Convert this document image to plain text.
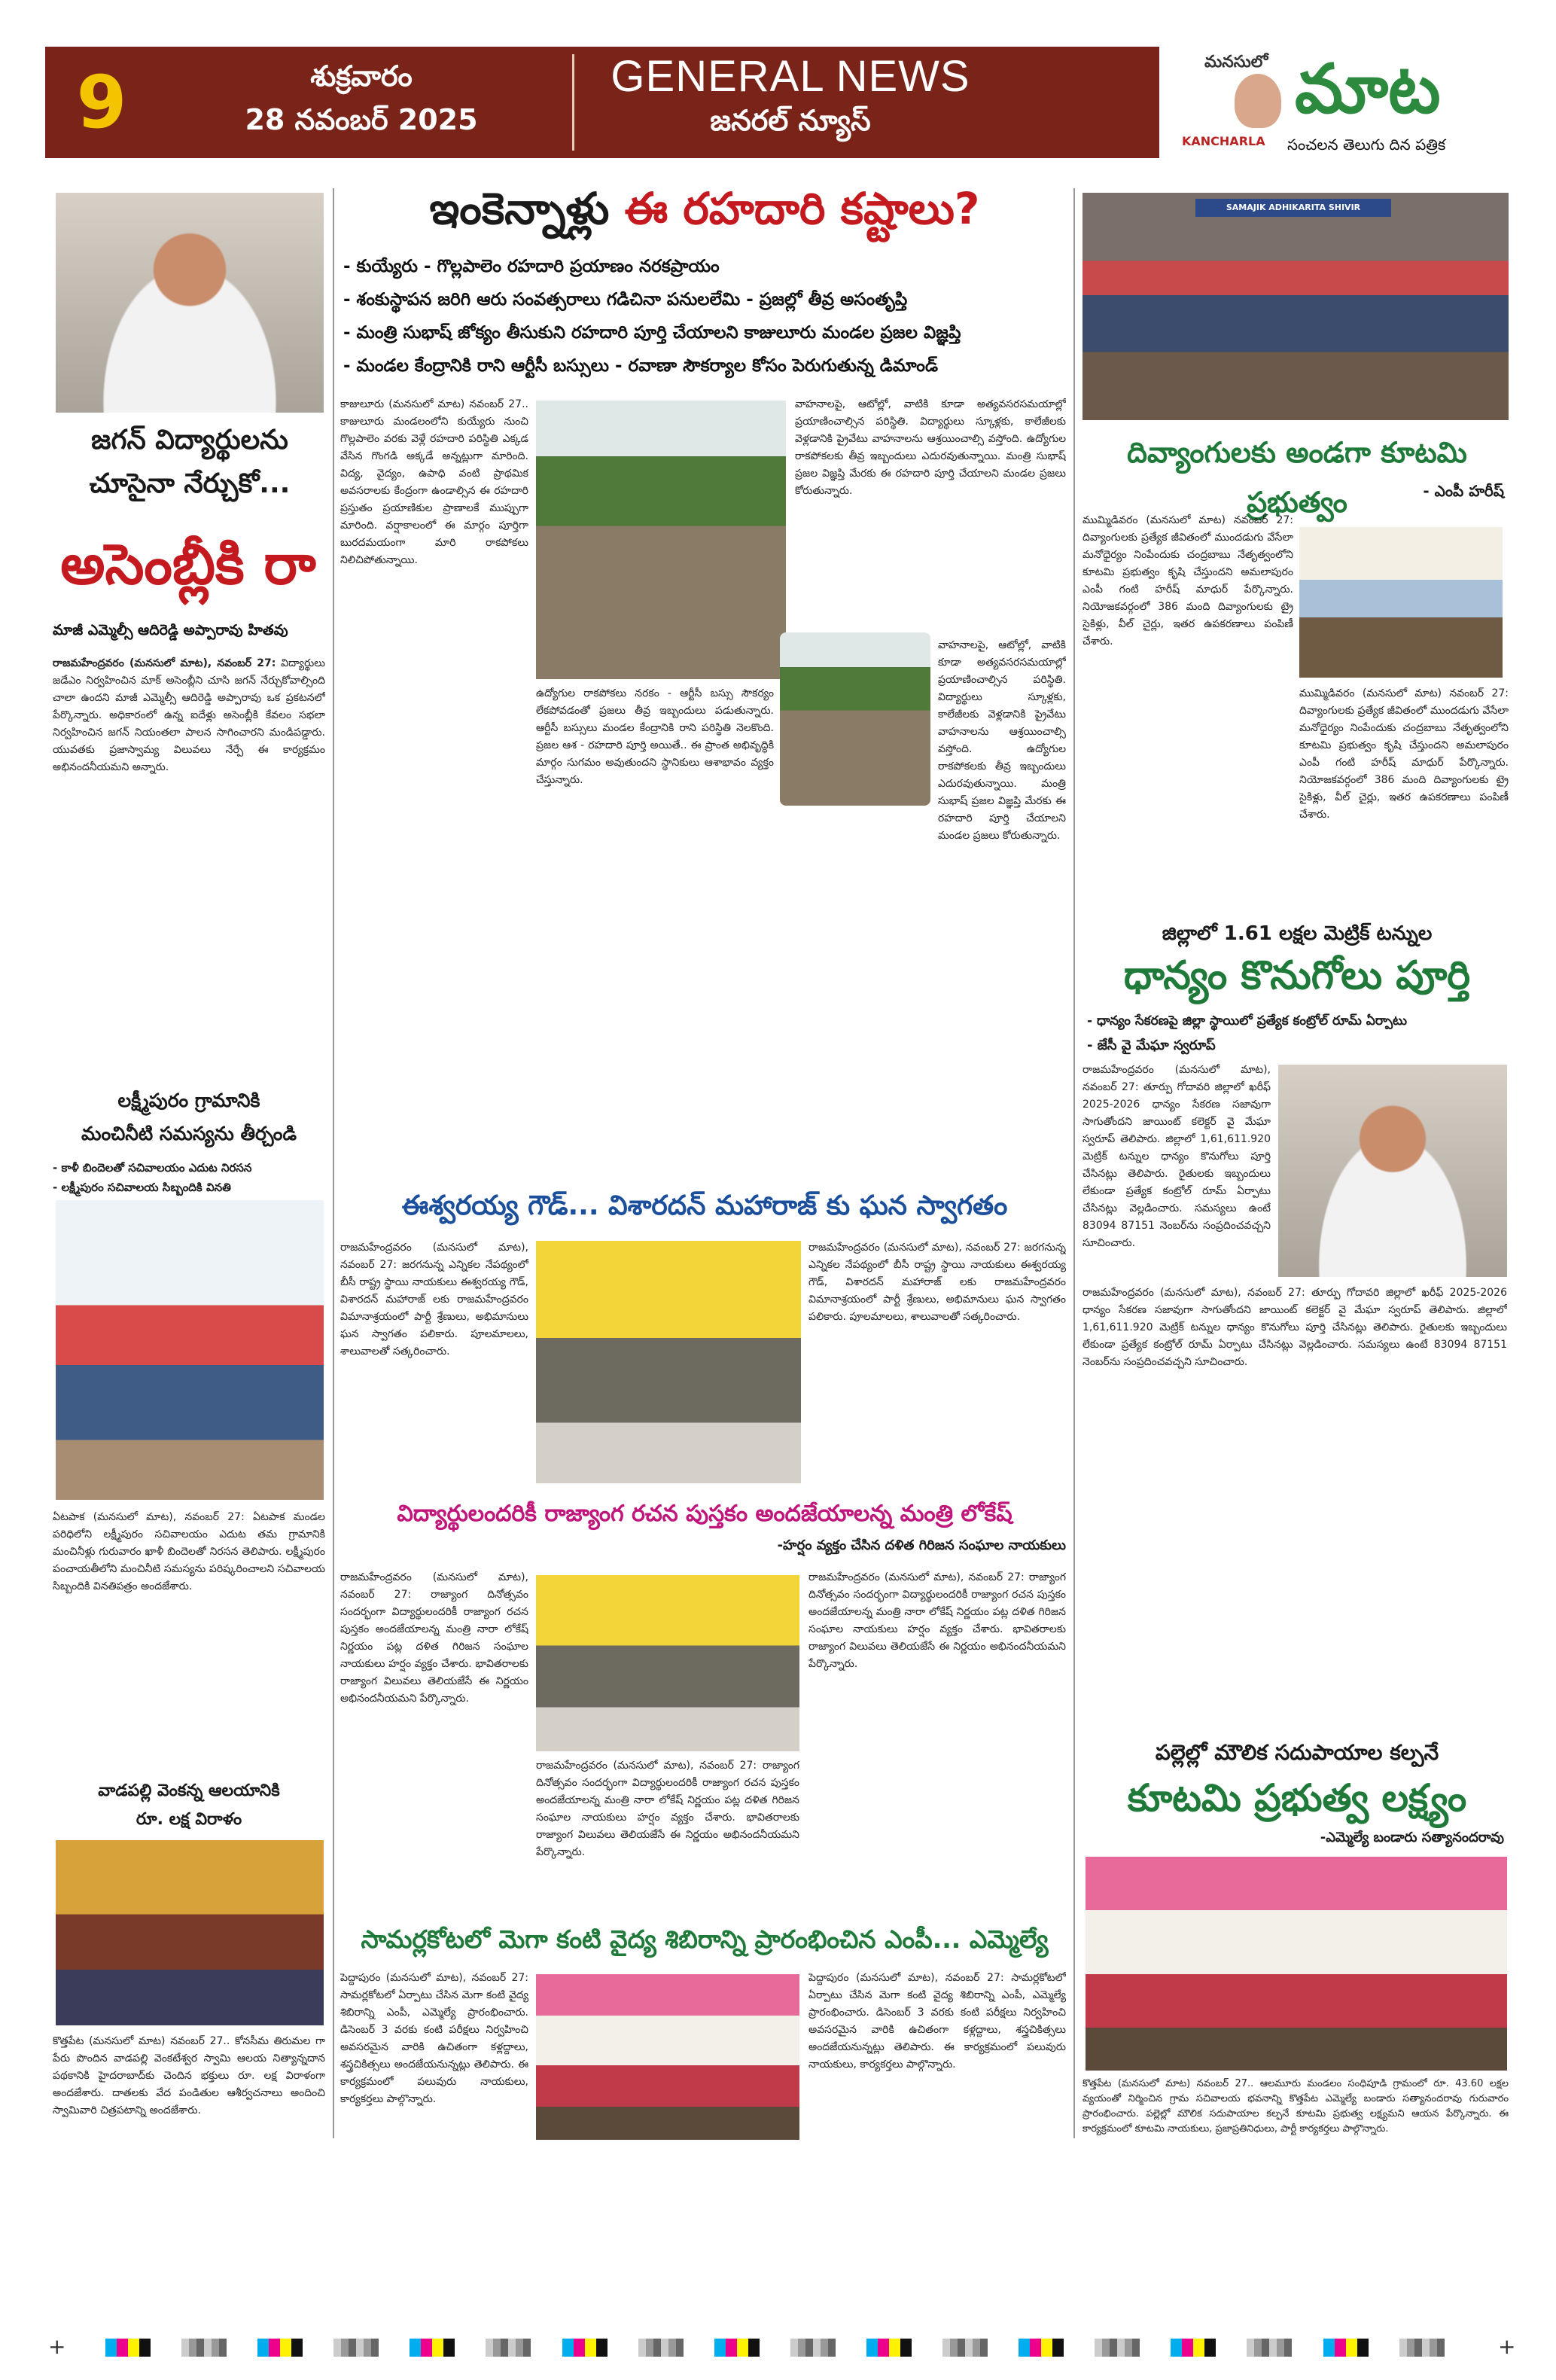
9	శుక్రవారం
28 నవంబర్ 2025
GENERAL NEWS
జనరల్ న్యూస్
మనసులో మాట
KANCHARLA సంచలన తెలుగు దిన పత్రిక
జగన్ విద్యార్థులను
చూసైనా నేర్చుకో...
అసెంబ్లీకి రా
మాజీ ఎమ్మెల్సీ ఆదిరెడ్డి అప్పారావు హితవు
రాజమహేంద్రవరం (మనసులో మాట), నవంబర్ 27: విద్యార్థులు జడేఎం నిర్వహించిన మాక్ అసెంబ్లీని చూసి జగన్ నేర్చుకోవాల్సింది చాలా ఉందని మాజీ ఎమ్మెల్సీ ఆదిరెడ్డి అప్పారావు ఒక ప్రకటనలో పేర్కొన్నారు. అధికారంలో ఉన్న ఐదేళ్లు అసెంబ్లీకి కేవలం సభలా నిర్వహించిన జగన్ నియంతలా పాలన సాగించారని మండిపడ్డారు. యువతకు ప్రజాస్వామ్య విలువలు నేర్పే ఈ కార్యక్రమం అభినందనీయమని అన్నారు.
లక్ష్మీపురం గ్రామానికి
మంచినీటి సమస్యను తీర్చండి
- కాళీ బిందెలతో సచివాలయం ఎదుట నిరసన
- లక్ష్మీపురం సచివాలయ సిబ్బందికి వినతి
ఏటపాక (మనసులో మాట), నవంబర్ 27: ఏటపాక మండల పరిధిలోని లక్ష్మీపురం సచివాలయం ఎదుట తమ గ్రామానికి మంచినీళ్లు గురువారం ఖాళీ బిందెలతో నిరసన తెలిపారు. లక్ష్మీపురం పంచాయతీలోని మంచినీటి సమస్యను పరిష్కరించాలని సచివాలయ సిబ్బందికి వినతిపత్రం అందజేశారు.
వాడపల్లి వెంకన్న ఆలయానికి
రూ. లక్ష విరాళం
కొత్తపేట (మనసులో మాట) నవంబర్ 27.. కోనసీమ తిరుమల గా పేరు పొందిన వాడపల్లి వెంకటేశ్వర స్వామి ఆలయ నిత్యాన్నదాన పథకానికి హైదరాబాద్‌కు చెందిన భక్తులు రూ. లక్ష విరాళంగా అందజేశారు. దాతలకు వేద పండితుల ఆశీర్వచనాలు అందించి స్వామివారి చిత్రపటాన్ని అందజేశారు.
ఇంకెన్నాళ్లు ఈ రహదారి కష్టాలు?

- కుయ్యేరు - గొల్లపాలెం రహదారి ప్రయాణం నరకప్రాయం

- శంకుస్థాపన జరిగి ఆరు సంవత్సరాలు గడిచినా పనులలేమి - ప్రజల్లో తీవ్ర అసంతృప్తి

- మంత్రి సుభాష్ జోక్యం తీసుకుని రహదారి పూర్తి చేయాలని కాజులూరు మండల ప్రజల విజ్ఞప్తి

- మండల కేంద్రానికి రాని ఆర్టీసీ బస్సులు - రవాణా సౌకర్యాల కోసం పెరుగుతున్న డిమాండ్

కాజులూరు (మనసులో మాట) నవంబర్ 27.. కాజులూరు మండలంలోని కుయ్యేరు నుంచి గొల్లపాలెం వరకు వెళ్లే రహదారి పరిస్థితి ఎక్కడ వేసిన గొంగడి అక్కడే అన్నట్లుగా మారింది. విద్య, వైద్యం, ఉపాధి వంటి ప్రాథమిక అవసరాలకు కేంద్రంగా ఉండాల్సిన ఈ రహదారి ప్రస్తుతం ప్రయాణికుల ప్రాణాలకే ముప్పుగా మారింది. వర్షాకాలంలో ఈ మార్గం పూర్తిగా బురదమయంగా మారి రాకపోకలు నిలిచిపోతున్నాయి.
ఉద్యోగుల రాకపోకలు నరకం - ఆర్టీసీ బస్సు సౌకర్యం లేకపోవడంతో ప్రజలు తీవ్ర ఇబ్బందులు పడుతున్నారు. ఆర్టీసీ బస్సులు మండల కేంద్రానికి రాని పరిస్థితి నెలకొంది. ప్రజల ఆశ - రహదారి పూర్తి అయితే.. ఈ ప్రాంత అభివృద్ధికి మార్గం సుగమం అవుతుందని స్థానికులు ఆశాభావం వ్యక్తం చేస్తున్నారు.
వాహనాలపై, ఆటోల్లో, వాటికి కూడా అత్యవసరసమయాల్లో ప్రయాణించాల్సిన పరిస్థితి. విద్యార్థులు స్కూళ్లకు, కాలేజీలకు వెళ్లడానికి ప్రైవేటు వాహనాలను ఆశ్రయించాల్సి వస్తోంది. ఉద్యోగుల రాకపోకలకు తీవ్ర ఇబ్బందులు ఎదురవుతున్నాయి. మంత్రి సుభాష్ ప్రజల విజ్ఞప్తి మేరకు ఈ రహదారి పూర్తి చేయాలని మండల ప్రజలు కోరుతున్నారు.
వాహనాలపై, ఆటోల్లో, వాటికి కూడా అత్యవసరసమయాల్లో ప్రయాణించాల్సిన పరిస్థితి. విద్యార్థులు స్కూళ్లకు, కాలేజీలకు వెళ్లడానికి ప్రైవేటు వాహనాలను ఆశ్రయించాల్సి వస్తోంది. ఉద్యోగుల రాకపోకలకు తీవ్ర ఇబ్బందులు ఎదురవుతున్నాయి. మంత్రి సుభాష్ ప్రజల విజ్ఞప్తి మేరకు ఈ రహదారి పూర్తి చేయాలని మండల ప్రజలు కోరుతున్నారు.
ఈశ్వరయ్య గౌడ్... విశారదన్ మహారాజ్ కు ఘన స్వాగతం
రాజమహేంద్రవరం (మనసులో మాట), నవంబర్ 27: జరగనున్న ఎన్నికల నేపథ్యంలో బీసీ రాష్ట్ర స్థాయి నాయకులు ఈశ్వరయ్య గౌడ్, విశారదన్ మహారాజ్ లకు రాజమహేంద్రవరం విమానాశ్రయంలో పార్టీ శ్రేణులు, అభిమానులు ఘన స్వాగతం పలికారు. పూలమాలలు, శాలువాలతో సత్కరించారు.
రాజమహేంద్రవరం (మనసులో మాట), నవంబర్ 27: జరగనున్న ఎన్నికల నేపథ్యంలో బీసీ రాష్ట్ర స్థాయి నాయకులు ఈశ్వరయ్య గౌడ్, విశారదన్ మహారాజ్ లకు రాజమహేంద్రవరం విమానాశ్రయంలో పార్టీ శ్రేణులు, అభిమానులు ఘన స్వాగతం పలికారు. పూలమాలలు, శాలువాలతో సత్కరించారు.
విద్యార్థులందరికీ రాజ్యాంగ రచన పుస్తకం అందజేయాలన్న మంత్రి లోకేష్
-హర్షం వ్యక్తం చేసిన దళిత గిరిజన సంఘాల నాయకులు
రాజమహేంద్రవరం (మనసులో మాట), నవంబర్ 27: రాజ్యాంగ దినోత్సవం సందర్భంగా విద్యార్థులందరికీ రాజ్యాంగ రచన పుస్తకం అందజేయాలన్న మంత్రి నారా లోకేష్ నిర్ణయం పట్ల దళిత గిరిజన సంఘాల నాయకులు హర్షం వ్యక్తం చేశారు. భావితరాలకు రాజ్యాంగ విలువలు తెలియజేసే ఈ నిర్ణయం అభినందనీయమని పేర్కొన్నారు.
రాజమహేంద్రవరం (మనసులో మాట), నవంబర్ 27: రాజ్యాంగ దినోత్సవం సందర్భంగా విద్యార్థులందరికీ రాజ్యాంగ రచన పుస్తకం అందజేయాలన్న మంత్రి నారా లోకేష్ నిర్ణయం పట్ల దళిత గిరిజన సంఘాల నాయకులు హర్షం వ్యక్తం చేశారు. భావితరాలకు రాజ్యాంగ విలువలు తెలియజేసే ఈ నిర్ణయం అభినందనీయమని పేర్కొన్నారు.
రాజమహేంద్రవరం (మనసులో మాట), నవంబర్ 27: రాజ్యాంగ దినోత్సవం సందర్భంగా విద్యార్థులందరికీ రాజ్యాంగ రచన పుస్తకం అందజేయాలన్న మంత్రి నారా లోకేష్ నిర్ణయం పట్ల దళిత గిరిజన సంఘాల నాయకులు హర్షం వ్యక్తం చేశారు. భావితరాలకు రాజ్యాంగ విలువలు తెలియజేసే ఈ నిర్ణయం అభినందనీయమని పేర్కొన్నారు.
సామర్లకోటలో మెగా కంటి వైద్య శిబిరాన్ని ప్రారంభించిన ఎంపీ... ఎమ్మెల్యే
పెద్దాపురం (మనసులో మాట), నవంబర్ 27: సామర్లకోటలో ఏర్పాటు చేసిన మెగా కంటి వైద్య శిబిరాన్ని ఎంపీ, ఎమ్మెల్యే ప్రారంభించారు. డిసెంబర్ 3 వరకు కంటి పరీక్షలు నిర్వహించి అవసరమైన వారికి ఉచితంగా కళ్లద్దాలు, శస్త్రచికిత్సలు అందజేయనున్నట్లు తెలిపారు. ఈ కార్యక్రమంలో పలువురు నాయకులు, కార్యకర్తలు పాల్గొన్నారు.
పెద్దాపురం (మనసులో మాట), నవంబర్ 27: సామర్లకోటలో ఏర్పాటు చేసిన మెగా కంటి వైద్య శిబిరాన్ని ఎంపీ, ఎమ్మెల్యే ప్రారంభించారు. డిసెంబర్ 3 వరకు కంటి పరీక్షలు నిర్వహించి అవసరమైన వారికి ఉచితంగా కళ్లద్దాలు, శస్త్రచికిత్సలు అందజేయనున్నట్లు తెలిపారు. ఈ కార్యక్రమంలో పలువురు నాయకులు, కార్యకర్తలు పాల్గొన్నారు.
SAMAJIK ADHIKARITA SHIVIR
దివ్యాంగులకు అండగా కూటమి ప్రభుత్వం	- ఎంపీ హరీష్
ముమ్మిడివరం (మనసులో మాట) నవంబర్ 27: దివ్యాంగులకు ప్రత్యేక జీవితంలో ముందడుగు వేసేలా మనోధైర్యం నింపేందుకు చంద్రబాబు నేతృత్వంలోని కూటమి ప్రభుత్వం కృషి చేస్తుందని అమలాపురం ఎంపీ గంటి హరీష్ మాధుర్ పేర్కొన్నారు. నియోజకవర్గంలో 386 మంది దివ్యాంగులకు ట్రై సైకిళ్లు, వీల్ చైర్లు, ఇతర ఉపకరణాలు పంపిణీ చేశారు.
ముమ్మిడివరం (మనసులో మాట) నవంబర్ 27: దివ్యాంగులకు ప్రత్యేక జీవితంలో ముందడుగు వేసేలా మనోధైర్యం నింపేందుకు చంద్రబాబు నేతృత్వంలోని కూటమి ప్రభుత్వం కృషి చేస్తుందని అమలాపురం ఎంపీ గంటి హరీష్ మాధుర్ పేర్కొన్నారు. నియోజకవర్గంలో 386 మంది దివ్యాంగులకు ట్రై సైకిళ్లు, వీల్ చైర్లు, ఇతర ఉపకరణాలు పంపిణీ చేశారు.
జిల్లాలో 1.61 లక్షల మెట్రిక్ టన్నుల
ధాన్యం కొనుగోలు పూర్తి
- ధాన్యం సేకరణపై జిల్లా స్థాయిలో ప్రత్యేక కంట్రోల్ రూమ్ ఏర్పాటు
- జేసీ వై మేఘా స్వరూప్
రాజమహేంద్రవరం (మనసులో మాట), నవంబర్ 27: తూర్పు గోదావరి జిల్లాలో ఖరీఫ్ 2025-2026 ధాన్యం సేకరణ సజావుగా సాగుతోందని జాయింట్ కలెక్టర్ వై మేఘా స్వరూప్ తెలిపారు. జిల్లాలో 1,61,611.920 మెట్రిక్ టన్నుల ధాన్యం కొనుగోలు పూర్తి చేసినట్లు తెలిపారు. రైతులకు ఇబ్బందులు లేకుండా ప్రత్యేక కంట్రోల్ రూమ్ ఏర్పాటు చేసినట్లు వెల్లడించారు. సమస్యలు ఉంటే 83094 87151 నెంబర్‌ను సంప్రదించవచ్చని సూచించారు.
రాజమహేంద్రవరం (మనసులో మాట), నవంబర్ 27: తూర్పు గోదావరి జిల్లాలో ఖరీఫ్ 2025-2026 ధాన్యం సేకరణ సజావుగా సాగుతోందని జాయింట్ కలెక్టర్ వై మేఘా స్వరూప్ తెలిపారు. జిల్లాలో 1,61,611.920 మెట్రిక్ టన్నుల ధాన్యం కొనుగోలు పూర్తి చేసినట్లు తెలిపారు. రైతులకు ఇబ్బందులు లేకుండా ప్రత్యేక కంట్రోల్ రూమ్ ఏర్పాటు చేసినట్లు వెల్లడించారు. సమస్యలు ఉంటే 83094 87151 నెంబర్‌ను సంప్రదించవచ్చని సూచించారు.
పల్లెల్లో మౌలిక సదుపాయాల కల్పనే
కూటమి ప్రభుత్వ లక్ష్యం
-ఎమ్మెల్యే బండారు సత్యానందరావు
కొత్తపేట (మనసులో మాట) నవంబర్ 27.. ఆలమూరు మండలం సంధిపూడి గ్రామంలో రూ. 43.60 లక్షల వ్యయంతో నిర్మించిన గ్రామ సచివాలయ భవనాన్ని కొత్తపేట ఎమ్మెల్యే బండారు సత్యానందరావు గురువారం ప్రారంభించారు. పల్లెల్లో మౌలిక సదుపాయాల కల్పనే కూటమి ప్రభుత్వ లక్ష్యమని ఆయన పేర్కొన్నారు. ఈ కార్యక్రమంలో కూటమి నాయకులు, ప్రజాప్రతినిధులు, పార్టీ కార్యకర్తలు పాల్గొన్నారు.
+
	+
